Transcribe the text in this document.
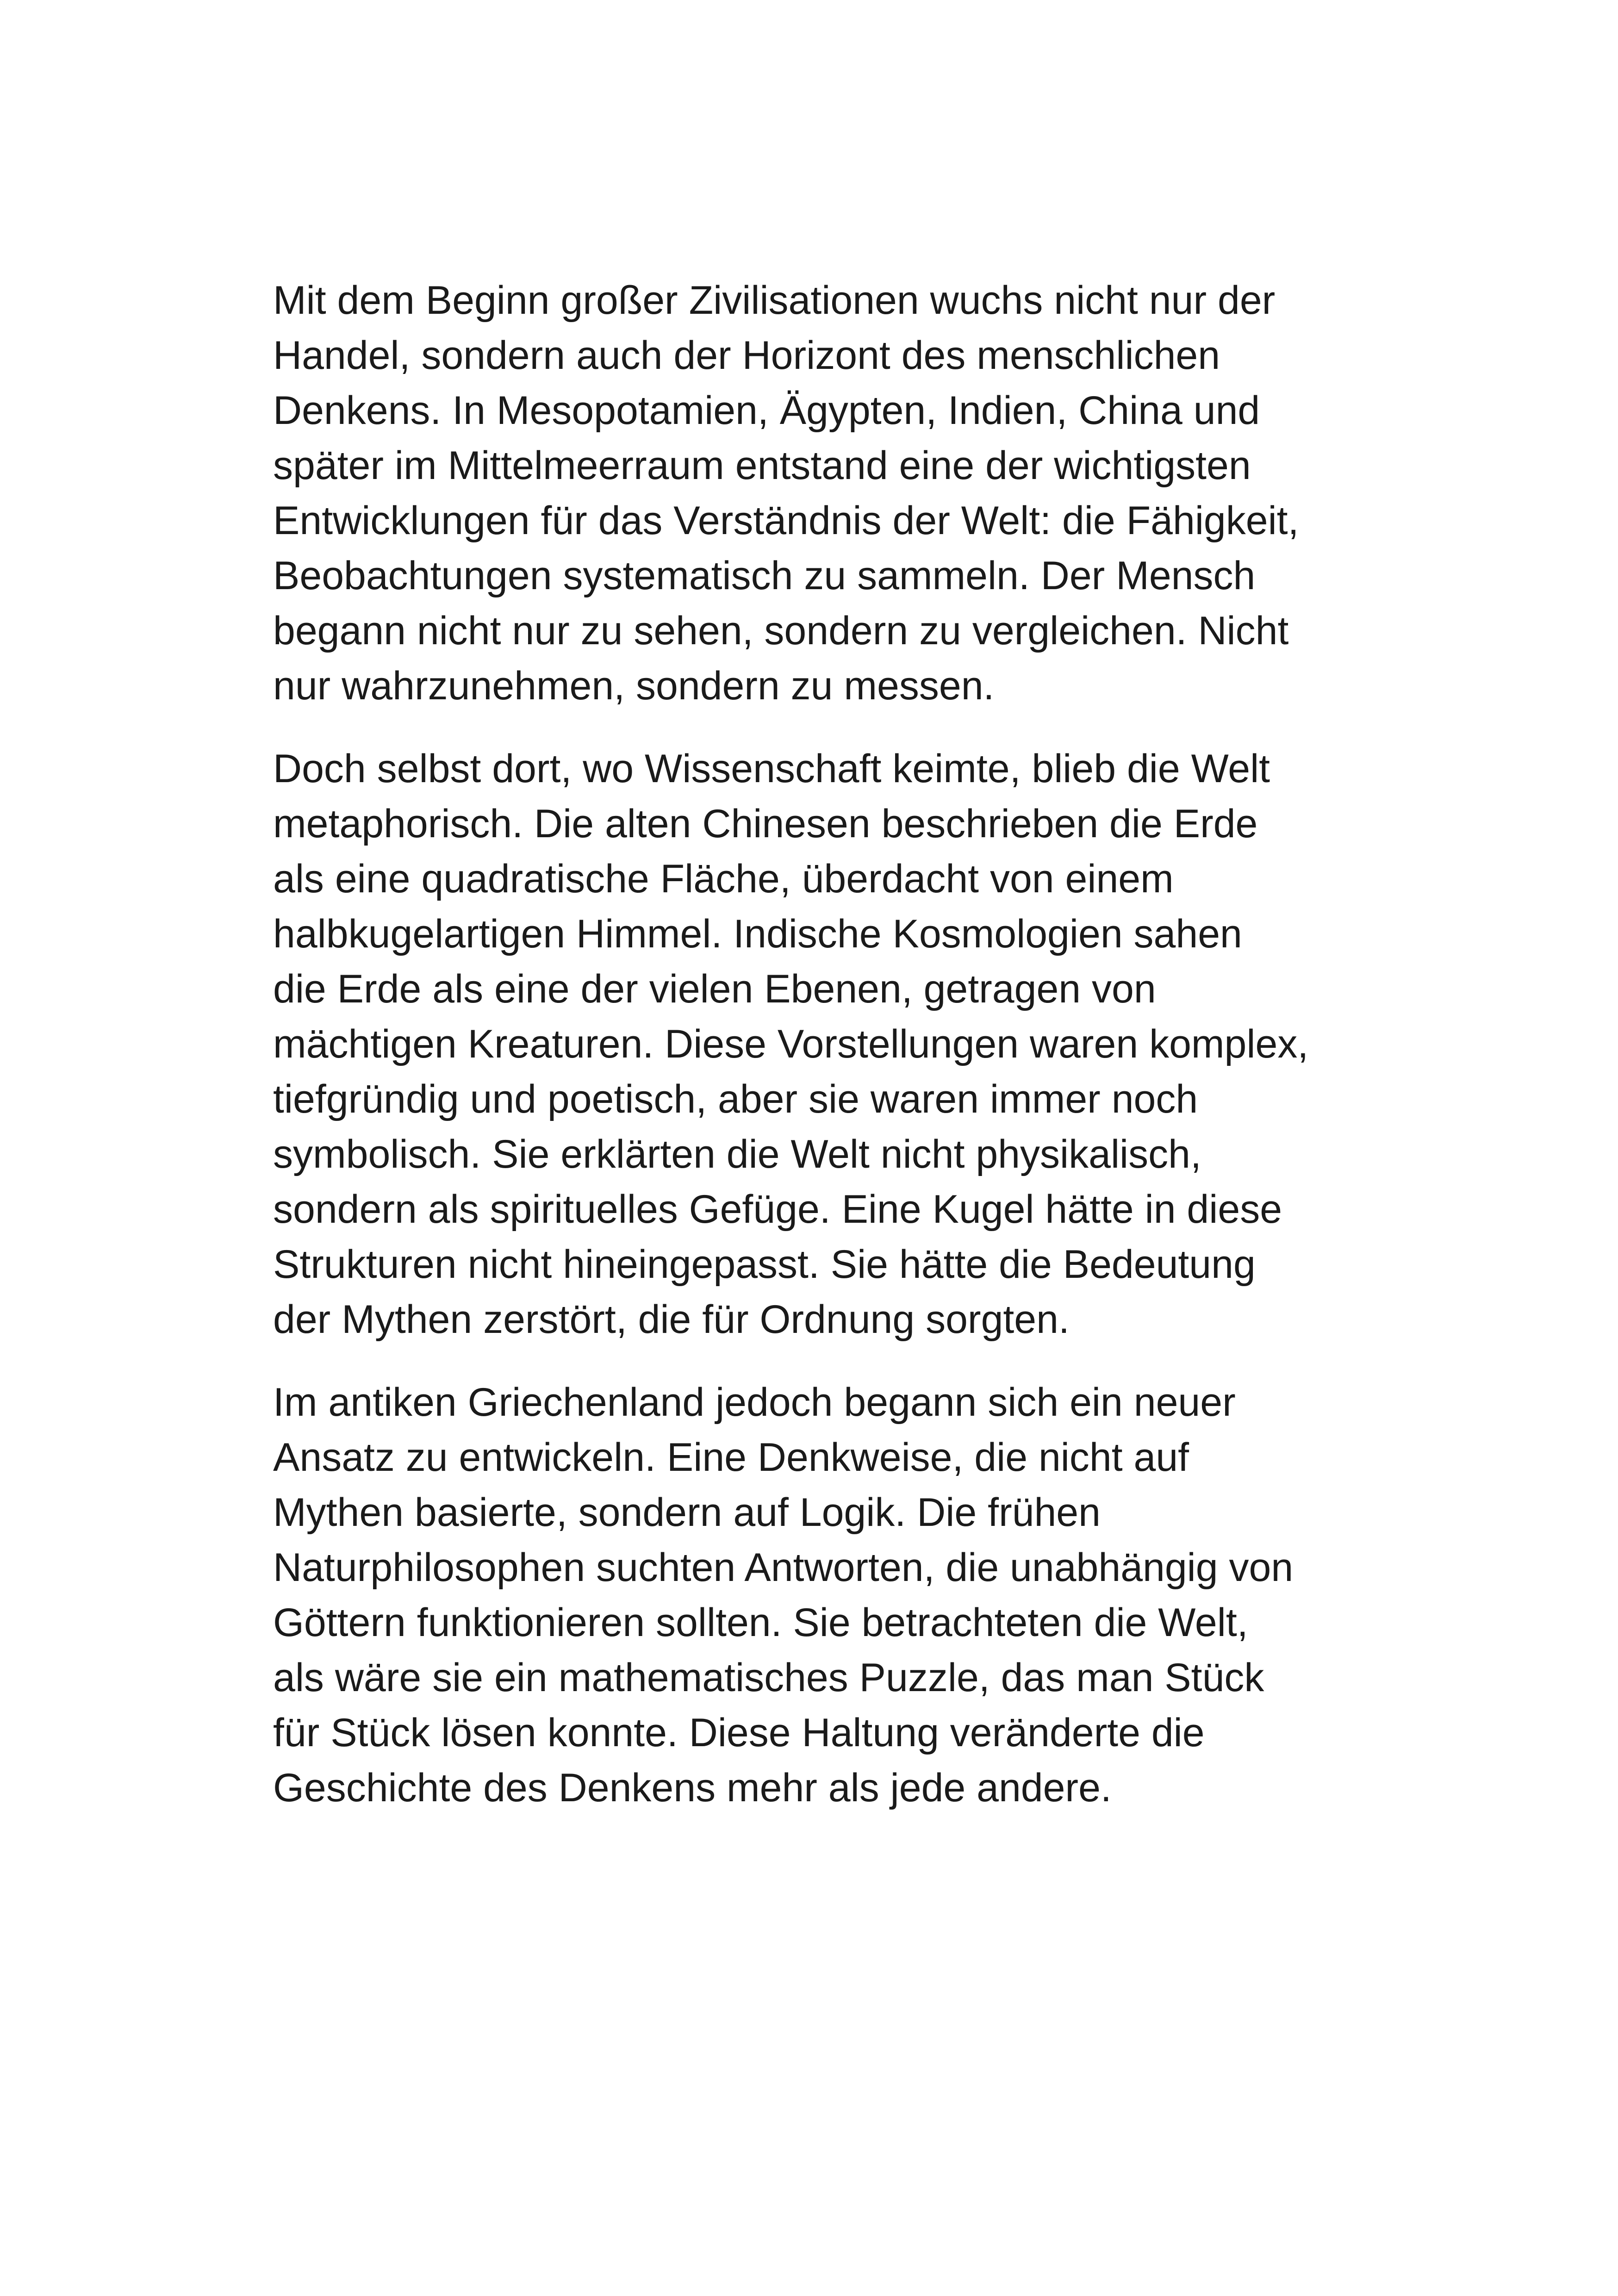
Mit dem Beginn großer Zivilisationen wuchs nicht nur der
Handel, sondern auch der Horizont des menschlichen
Denkens. In Mesopotamien, Ägypten, Indien, China und
später im Mittelmeerraum entstand eine der wichtigsten
Entwicklungen für das Verständnis der Welt: die Fähigkeit,
Beobachtungen systematisch zu sammeln. Der Mensch
begann nicht nur zu sehen, sondern zu vergleichen. Nicht
nur wahrzunehmen, sondern zu messen.

Doch selbst dort, wo Wissenschaft keimte, blieb die Welt
metaphorisch. Die alten Chinesen beschrieben die Erde
als eine quadratische Fläche, überdacht von einem
halbkugelartigen Himmel. Indische Kosmologien sahen
die Erde als eine der vielen Ebenen, getragen von
mächtigen Kreaturen. Diese Vorstellungen waren komplex,
tiefgründig und poetisch, aber sie waren immer noch
symbolisch. Sie erklärten die Welt nicht physikalisch,
sondern als spirituelles Gefüge. Eine Kugel hätte in diese
Strukturen nicht hineingepasst. Sie hätte die Bedeutung
der Mythen zerstört, die für Ordnung sorgten.

Im antiken Griechenland jedoch begann sich ein neuer
Ansatz zu entwickeln. Eine Denkweise, die nicht auf
Mythen basierte, sondern auf Logik. Die frühen
Naturphilosophen suchten Antworten, die unabhängig von
Göttern funktionieren sollten. Sie betrachteten die Welt,
als wäre sie ein mathematisches Puzzle, das man Stück
für Stück lösen konnte. Diese Haltung veränderte die
Geschichte des Denkens mehr als jede andere.
